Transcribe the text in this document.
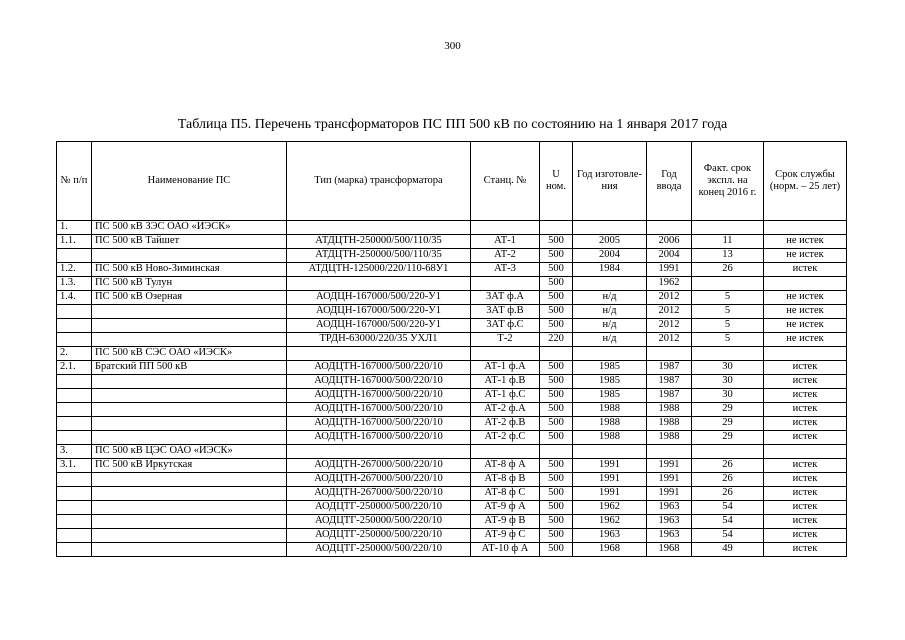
300
Таблица П5. Перечень трансформаторов ПС ПП 500 кВ по состоянию на 1 января 2017 года
№ п/п	Наименование ПС	Тип (марка) трансформатора	Станц. №	U ном.	Год изготовле-ния	Год ввода	Факт. срок экспл. на конец 2016 г.	Срок службы (норм. – 25 лет)
1.	ПС 500 кВ ЗЭС ОАО «ИЭСК»							
1.1.	ПС 500 кВ Тайшет	АТДЦТН-250000/500/110/35	АТ-1	500	2005	2006	11	не истек
		АТДЦТН-250000/500/110/35	АТ-2	500	2004	2004	13	не истек
1.2.	ПС 500 кВ Ново-Зиминская	АТДЦТН-125000/220/110-68У1	АТ-3	500	1984	1991	26	истек
1.3.	ПС 500 кВ Тулун			500		1962		
1.4.	ПС 500 кВ Озерная	АОДЦН-167000/500/220-У1	3АТ ф.А	500	н/д	2012	5	не истек
		АОДЦН-167000/500/220-У1	3АТ ф.В	500	н/д	2012	5	не истек
		АОДЦН-167000/500/220-У1	3АТ ф.С	500	н/д	2012	5	не истек
		ТРДН-63000/220/35 УХЛ1	Т-2	220	н/д	2012	5	не истек
2.	ПС 500 кВ СЭС ОАО «ИЭСК»							
2.1.	Братский ПП 500 кВ	АОДЦТН-167000/500/220/10	АТ-1 ф.А	500	1985	1987	30	истек
		АОДЦТН-167000/500/220/10	АТ-1 ф.В	500	1985	1987	30	истек
		АОДЦТН-167000/500/220/10	АТ-1 ф.С	500	1985	1987	30	истек
		АОДЦТН-167000/500/220/10	АТ-2 ф.А	500	1988	1988	29	истек
		АОДЦТН-167000/500/220/10	АТ-2 ф.В	500	1988	1988	29	истек
		АОДЦТН-167000/500/220/10	АТ-2 ф.С	500	1988	1988	29	истек
3.	ПС 500 кВ ЦЭС ОАО «ИЭСК»							
3.1.	ПС 500 кВ Иркутская	АОДЦТН-267000/500/220/10	АТ-8 ф А	500	1991	1991	26	истек
		АОДЦТН-267000/500/220/10	АТ-8 ф В	500	1991	1991	26	истек
		АОДЦТН-267000/500/220/10	АТ-8 ф С	500	1991	1991	26	истек
		АОДЦТГ-250000/500/220/10	АТ-9 ф А	500	1962	1963	54	истек
		АОДЦТГ-250000/500/220/10	АТ-9 ф В	500	1962	1963	54	истек
		АОДЦТГ-250000/500/220/10	АТ-9 ф С	500	1963	1963	54	истек
		АОДЦТГ-250000/500/220/10	АТ-10 ф А	500	1968	1968	49	истек
